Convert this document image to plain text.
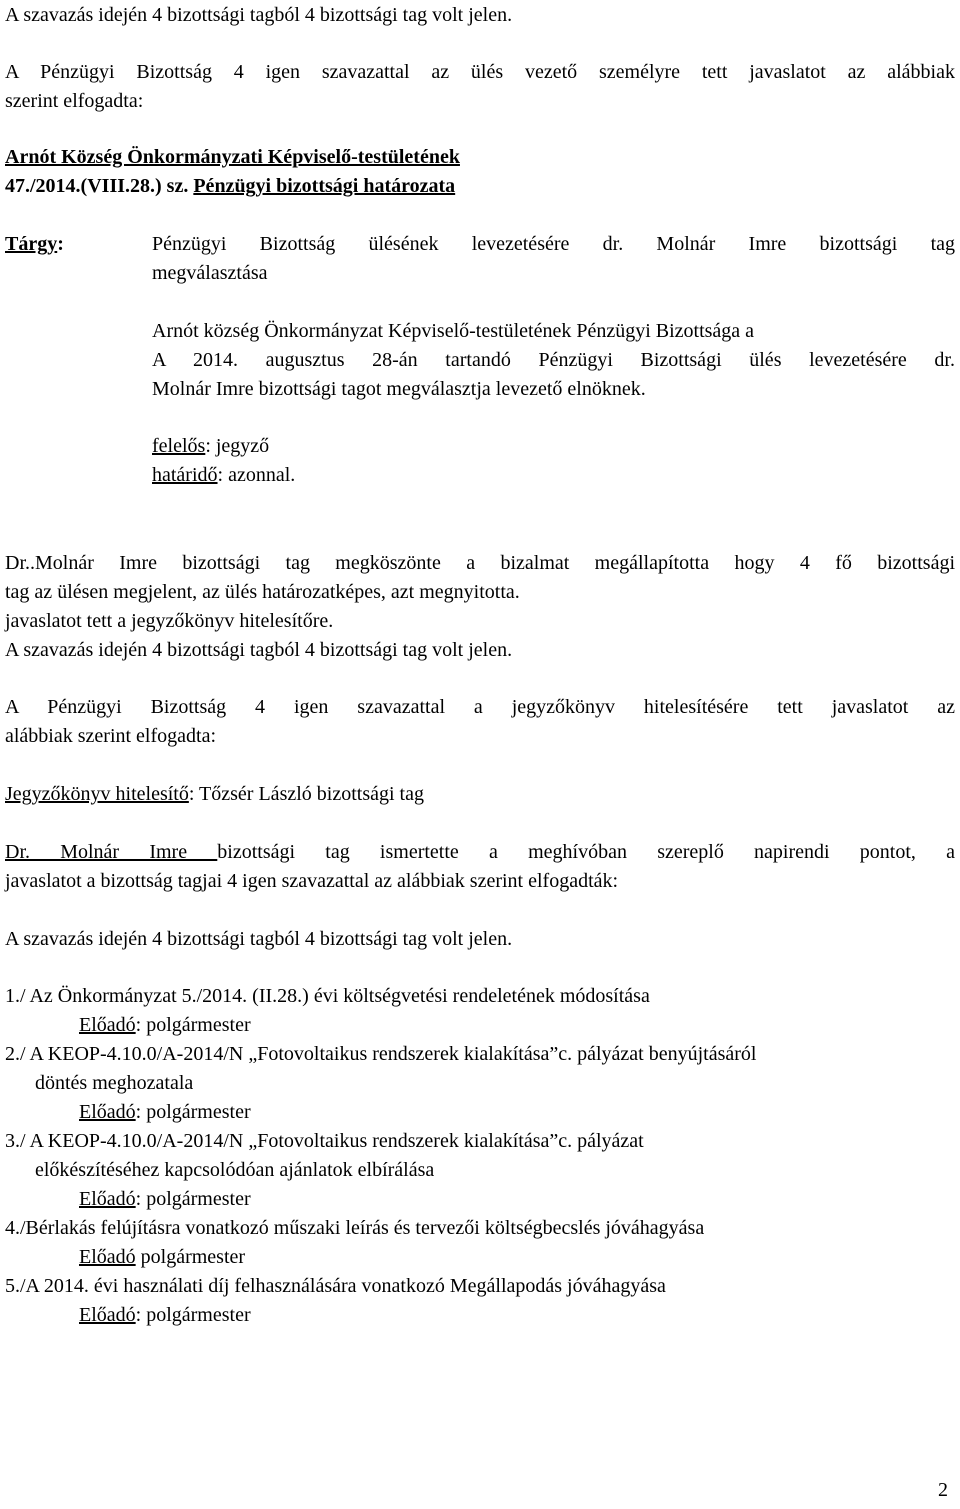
A szavazás idején 4 bizottsági tagból 4 bizottsági tag volt jelen.
A Pénzügyi Bizottság 4 igen szavazattal az ülés vezető személyre tett javaslatot az alábbiak
szerint elfogadta:
Arnót Község Önkormányzati Képviselő-testületének
47./2014.(VIII.28.) sz. Pénzügyi bizottsági határozata
Tárgy:	Pénzügyi Bizottság ülésének levezetésére dr. Molnár Imre bizottsági tag
megválasztása
Arnót község Önkormányzat Képviselő-testületének Pénzügyi Bizottsága a
A 2014. augusztus 28-án tartandó Pénzügyi Bizottsági ülés levezetésére dr.
Molnár Imre bizottsági tagot megválasztja levezető elnöknek.
felelős: jegyző
határidő: azonnal.
Dr..Molnár Imre bizottsági tag megköszönte a bizalmat megállapította hogy 4 fő bizottsági
tag az ülésen megjelent, az ülés határozatképes, azt megnyitotta.
javaslatot tett a jegyzőkönyv hitelesítőre.
A szavazás idején 4 bizottsági tagból 4 bizottsági tag volt jelen.
A Pénzügyi Bizottság 4 igen szavazattal a jegyzőkönyv hitelesítésére tett javaslatot az
alábbiak szerint elfogadta:
Jegyzőkönyv hitelesítő: Tőzsér László bizottsági tag
Dr. Molnár Imre bizottsági tag ismertette a meghívóban szereplő napirendi pontot, a
javaslatot a bizottság tagjai 4 igen szavazattal az alábbiak szerint elfogadták:
A szavazás idején 4 bizottsági tagból 4 bizottsági tag volt jelen.
1./ Az Önkormányzat 5./2014. (II.28.) évi költségvetési rendeletének módosítása
Előadó: polgármester
2./ A KEOP-4.10.0/A-2014/N „Fotovoltaikus rendszerek kialakítása”c. pályázat benyújtásáról
döntés meghozatala
Előadó: polgármester
3./ A KEOP-4.10.0/A-2014/N „Fotovoltaikus rendszerek kialakítása”c. pályázat
előkészítéséhez kapcsolódóan ajánlatok elbírálása
Előadó: polgármester
4./Bérlakás felújításra vonatkozó műszaki leírás és tervezői költségbecslés jóváhagyása
Előadó polgármester
5./A 2014. évi használati díj felhasználására vonatkozó Megállapodás jóváhagyása
Előadó: polgármester
2
